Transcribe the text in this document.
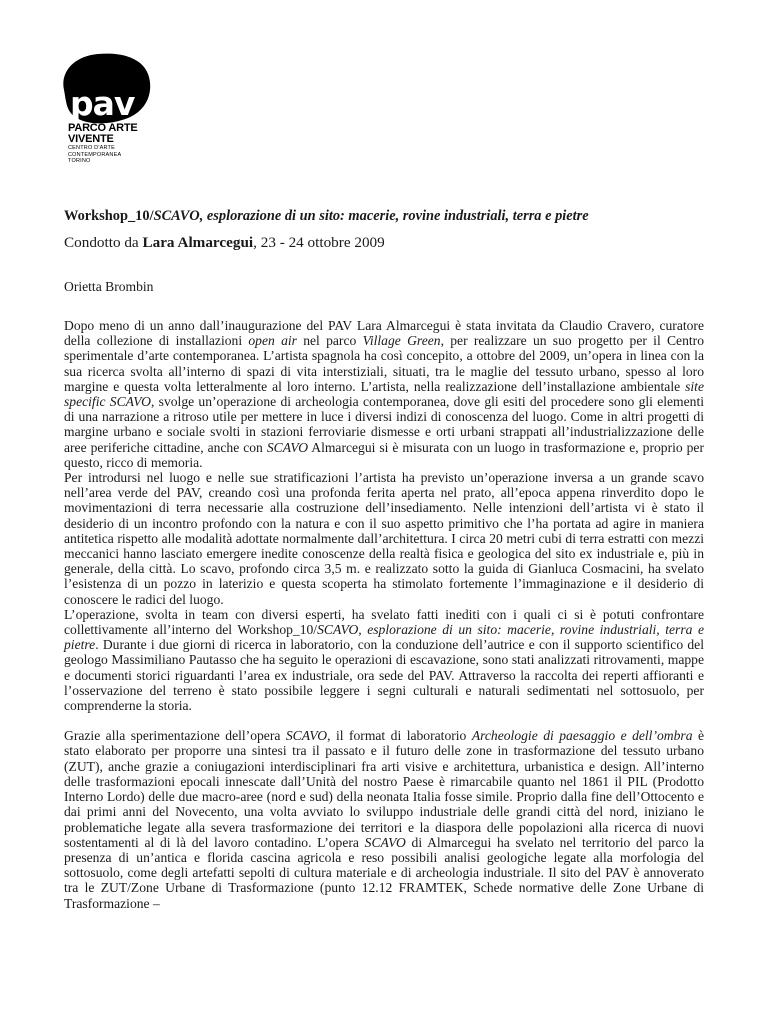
pav
PARCO ARTE
VIVENTE
CENTRO D'ARTE
CONTEMPORANEA
TORINO
Workshop_10/SCAVO, esplorazione di un sito: macerie, rovine industriali, terra e pietre
Condotto da Lara Almarcegui, 23 - 24 ottobre 2009
Orietta Brombin

Dopo meno di un anno dall’inaugurazione del PAV Lara Almarcegui è stata invitata da Claudio Cravero, curatore della collezione di installazioni open air nel parco Village Green, per realizzare un suo progetto per il Centro sperimentale d’arte contemporanea. L’artista spagnola ha così concepito, a ottobre del 2009, un’opera in linea con la sua ricerca svolta all’interno di spazi di vita interstiziali, situati, tra le maglie del tessuto urbano, spesso al loro margine e questa volta letteralmente al loro interno. L’artista, nella realizzazione dell’installazione ambientale site specific SCAVO, svolge un’operazione di archeologia contemporanea, dove gli esiti del procedere sono gli elementi di una narrazione a ritroso utile per mettere in luce i diversi indizi di conoscenza del luogo. Come in altri progetti di margine urbano e sociale svolti in stazioni ferroviarie dismesse e orti urbani strappati all’industrializzazione delle aree periferiche cittadine, anche con SCAVO Almarcegui si è misurata con un luogo in trasformazione e, proprio per questo, ricco di memoria.

Per introdursi nel luogo e nelle sue stratificazioni l’artista ha previsto un’operazione inversa a un grande scavo nell’area verde del PAV, creando così una profonda ferita aperta nel prato, all’epoca appena rinverdito dopo le movimentazioni di terra necessarie alla costruzione dell’insediamento. Nelle intenzioni dell’artista vi è stato il desiderio di un incontro profondo con la natura e con il suo aspetto primitivo che l’ha portata ad agire in maniera antitetica rispetto alle modalità adottate normalmente dall’architettura. I circa 20 metri cubi di terra estratti con mezzi meccanici hanno lasciato emergere inedite conoscenze della realtà fisica e geologica del sito ex industriale e, più in generale, della città. Lo scavo, profondo circa 3,5 m. e realizzato sotto la guida di Gianluca Cosmacini, ha svelato l’esistenza di un pozzo in laterizio e questa scoperta ha stimolato fortemente l’immaginazione e il desiderio di conoscere le radici del luogo.

L’operazione, svolta in team con diversi esperti, ha svelato fatti inediti con i quali ci si è potuti confrontare collettivamente all’interno del Workshop_10/SCAVO, esplorazione di un sito: macerie, rovine industriali, terra e pietre. Durante i due giorni di ricerca in laboratorio, con la conduzione dell’autrice e con il supporto scientifico del geologo Massimiliano Pautasso che ha seguito le operazioni di escavazione, sono stati analizzati ritrovamenti, mappe e documenti storici riguardanti l’area ex industriale, ora sede del PAV. Attraverso la raccolta dei reperti affioranti e l’osservazione del terreno è stato possibile leggere i segni culturali e naturali sedimentati nel sottosuolo, per comprenderne la storia.

Grazie alla sperimentazione dell’opera SCAVO, il format di laboratorio Archeologie di paesaggio e dell’ombra è stato elaborato per proporre una sintesi tra il passato e il futuro delle zone in trasformazione del tessuto urbano (ZUT), anche grazie a coniugazioni interdisciplinari fra arti visive e architettura, urbanistica e design. All’interno delle trasformazioni epocali innescate dall’Unità del nostro Paese è rimarcabile quanto nel 1861 il PIL (Prodotto Interno Lordo) delle due macro-aree (nord e sud) della neonata Italia fosse simile. Proprio dalla fine dell’Ottocento e dai primi anni del Novecento, una volta avviato lo sviluppo industriale delle grandi città del nord, iniziano le problematiche legate alla severa trasformazione dei territori e la diaspora delle popolazioni alla ricerca di nuovi sostentamenti al di là del lavoro contadino. L’opera SCAVO di Almarcegui ha svelato nel territorio del parco la presenza di un’antica e florida cascina agricola e reso possibili analisi geologiche legate alla morfologia del sottosuolo, come degli artefatti sepolti di cultura materiale e di archeologia industriale. Il sito del PAV è annoverato tra le ZUT/Zone Urbane di Trasformazione (punto 12.12 FRAMTEK, Schede normative delle Zone Urbane di Trasformazione –
